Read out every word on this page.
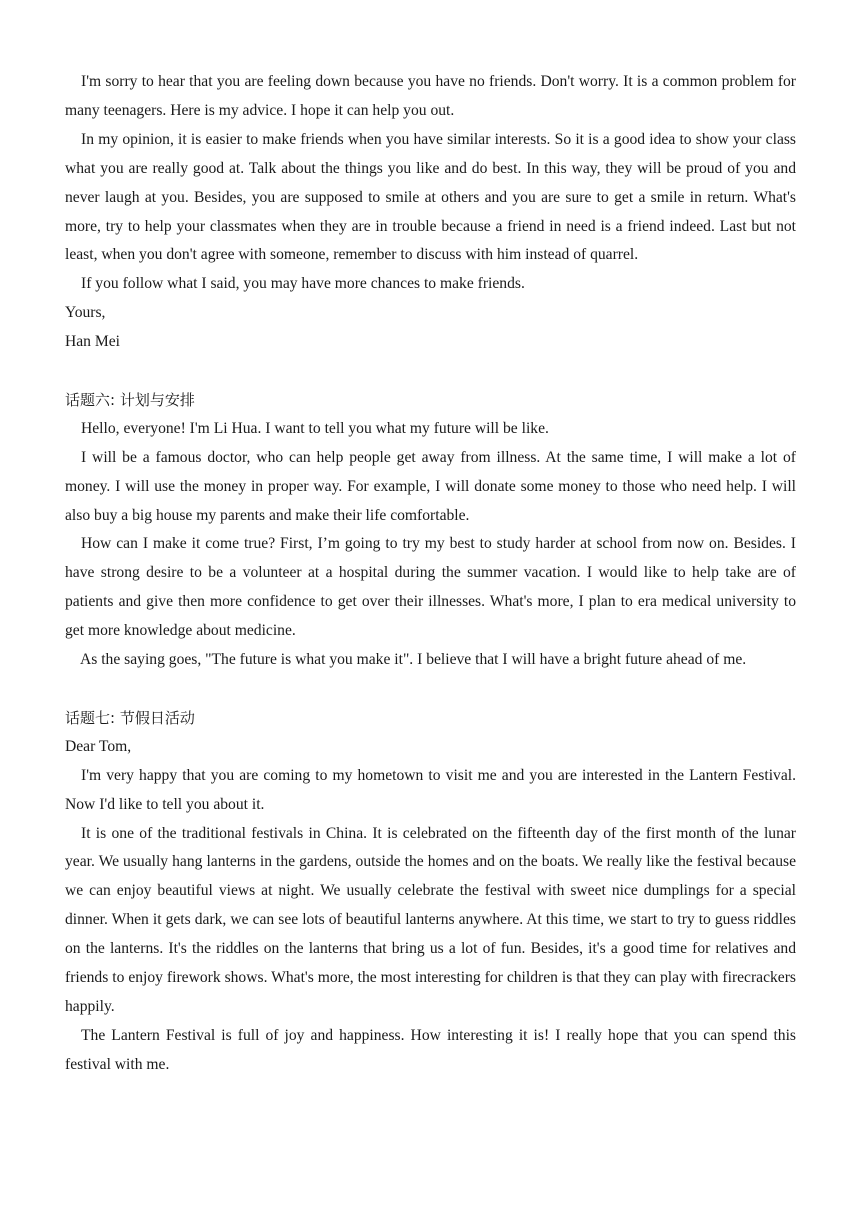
I'm sorry to hear that you are feeling down because you have no friends. Don't worry. It is a common problem for many teenagers. Here is my advice. I hope it can help you out.

In my opinion, it is easier to make friends when you have similar interests. So it is a good idea to show your class what you are really good at. Talk about the things you like and do best. In this way, they will be proud of you and never laugh at you. Besides, you are supposed to smile at others and you are sure to get a smile in return. What's more, try to help your classmates when they are in trouble because a friend in need is a friend indeed. Last but not least, when you don't agree with someone, remember to discuss with him instead of quarrel.

If you follow what I said, you may have more chances to make friends.

Yours,

Han Mei

话题六: 计划与安排

Hello, everyone! I'm Li Hua. I want to tell you what my future will be like.

I will be a famous doctor, who can help people get away from illness. At the same time, I will make a lot of money. I will use the money in proper way. For example, I will donate some money to those who need help. I will also buy a big house my parents and make their life comfortable.

How can I make it come true? First, I’m going to try my best to study harder at school from now on. Besides. I have strong desire to be a volunteer at a hospital during the summer vacation. I would like to help take are of patients and give then more confidence to get over their illnesses. What's more, I plan to era medical university to get more knowledge about medicine.

As the saying goes, "The future is what you make it". I believe that I will have a bright future ahead of me.

话题七: 节假日活动

Dear Tom,

I'm very happy that you are coming to my hometown to visit me and you are interested in the Lantern Festival. Now I'd like to tell you about it.

It is one of the traditional festivals in China. It is celebrated on the fifteenth day of the first month of the lunar year. We usually hang lanterns in the gardens, outside the homes and on the boats. We really like the festival because we can enjoy beautiful views at night. We usually celebrate the festival with sweet nice dumplings for a special dinner. When it gets dark, we can see lots of beautiful lanterns anywhere. At this time, we start to try to guess riddles on the lanterns. It's the riddles on the lanterns that bring us a lot of fun. Besides, it's a good time for relatives and friends to enjoy firework shows. What's more, the most interesting for children is that they can play with firecrackers happily.

The Lantern Festival is full of joy and happiness. How interesting it is! I really hope that you can spend this festival with me.
